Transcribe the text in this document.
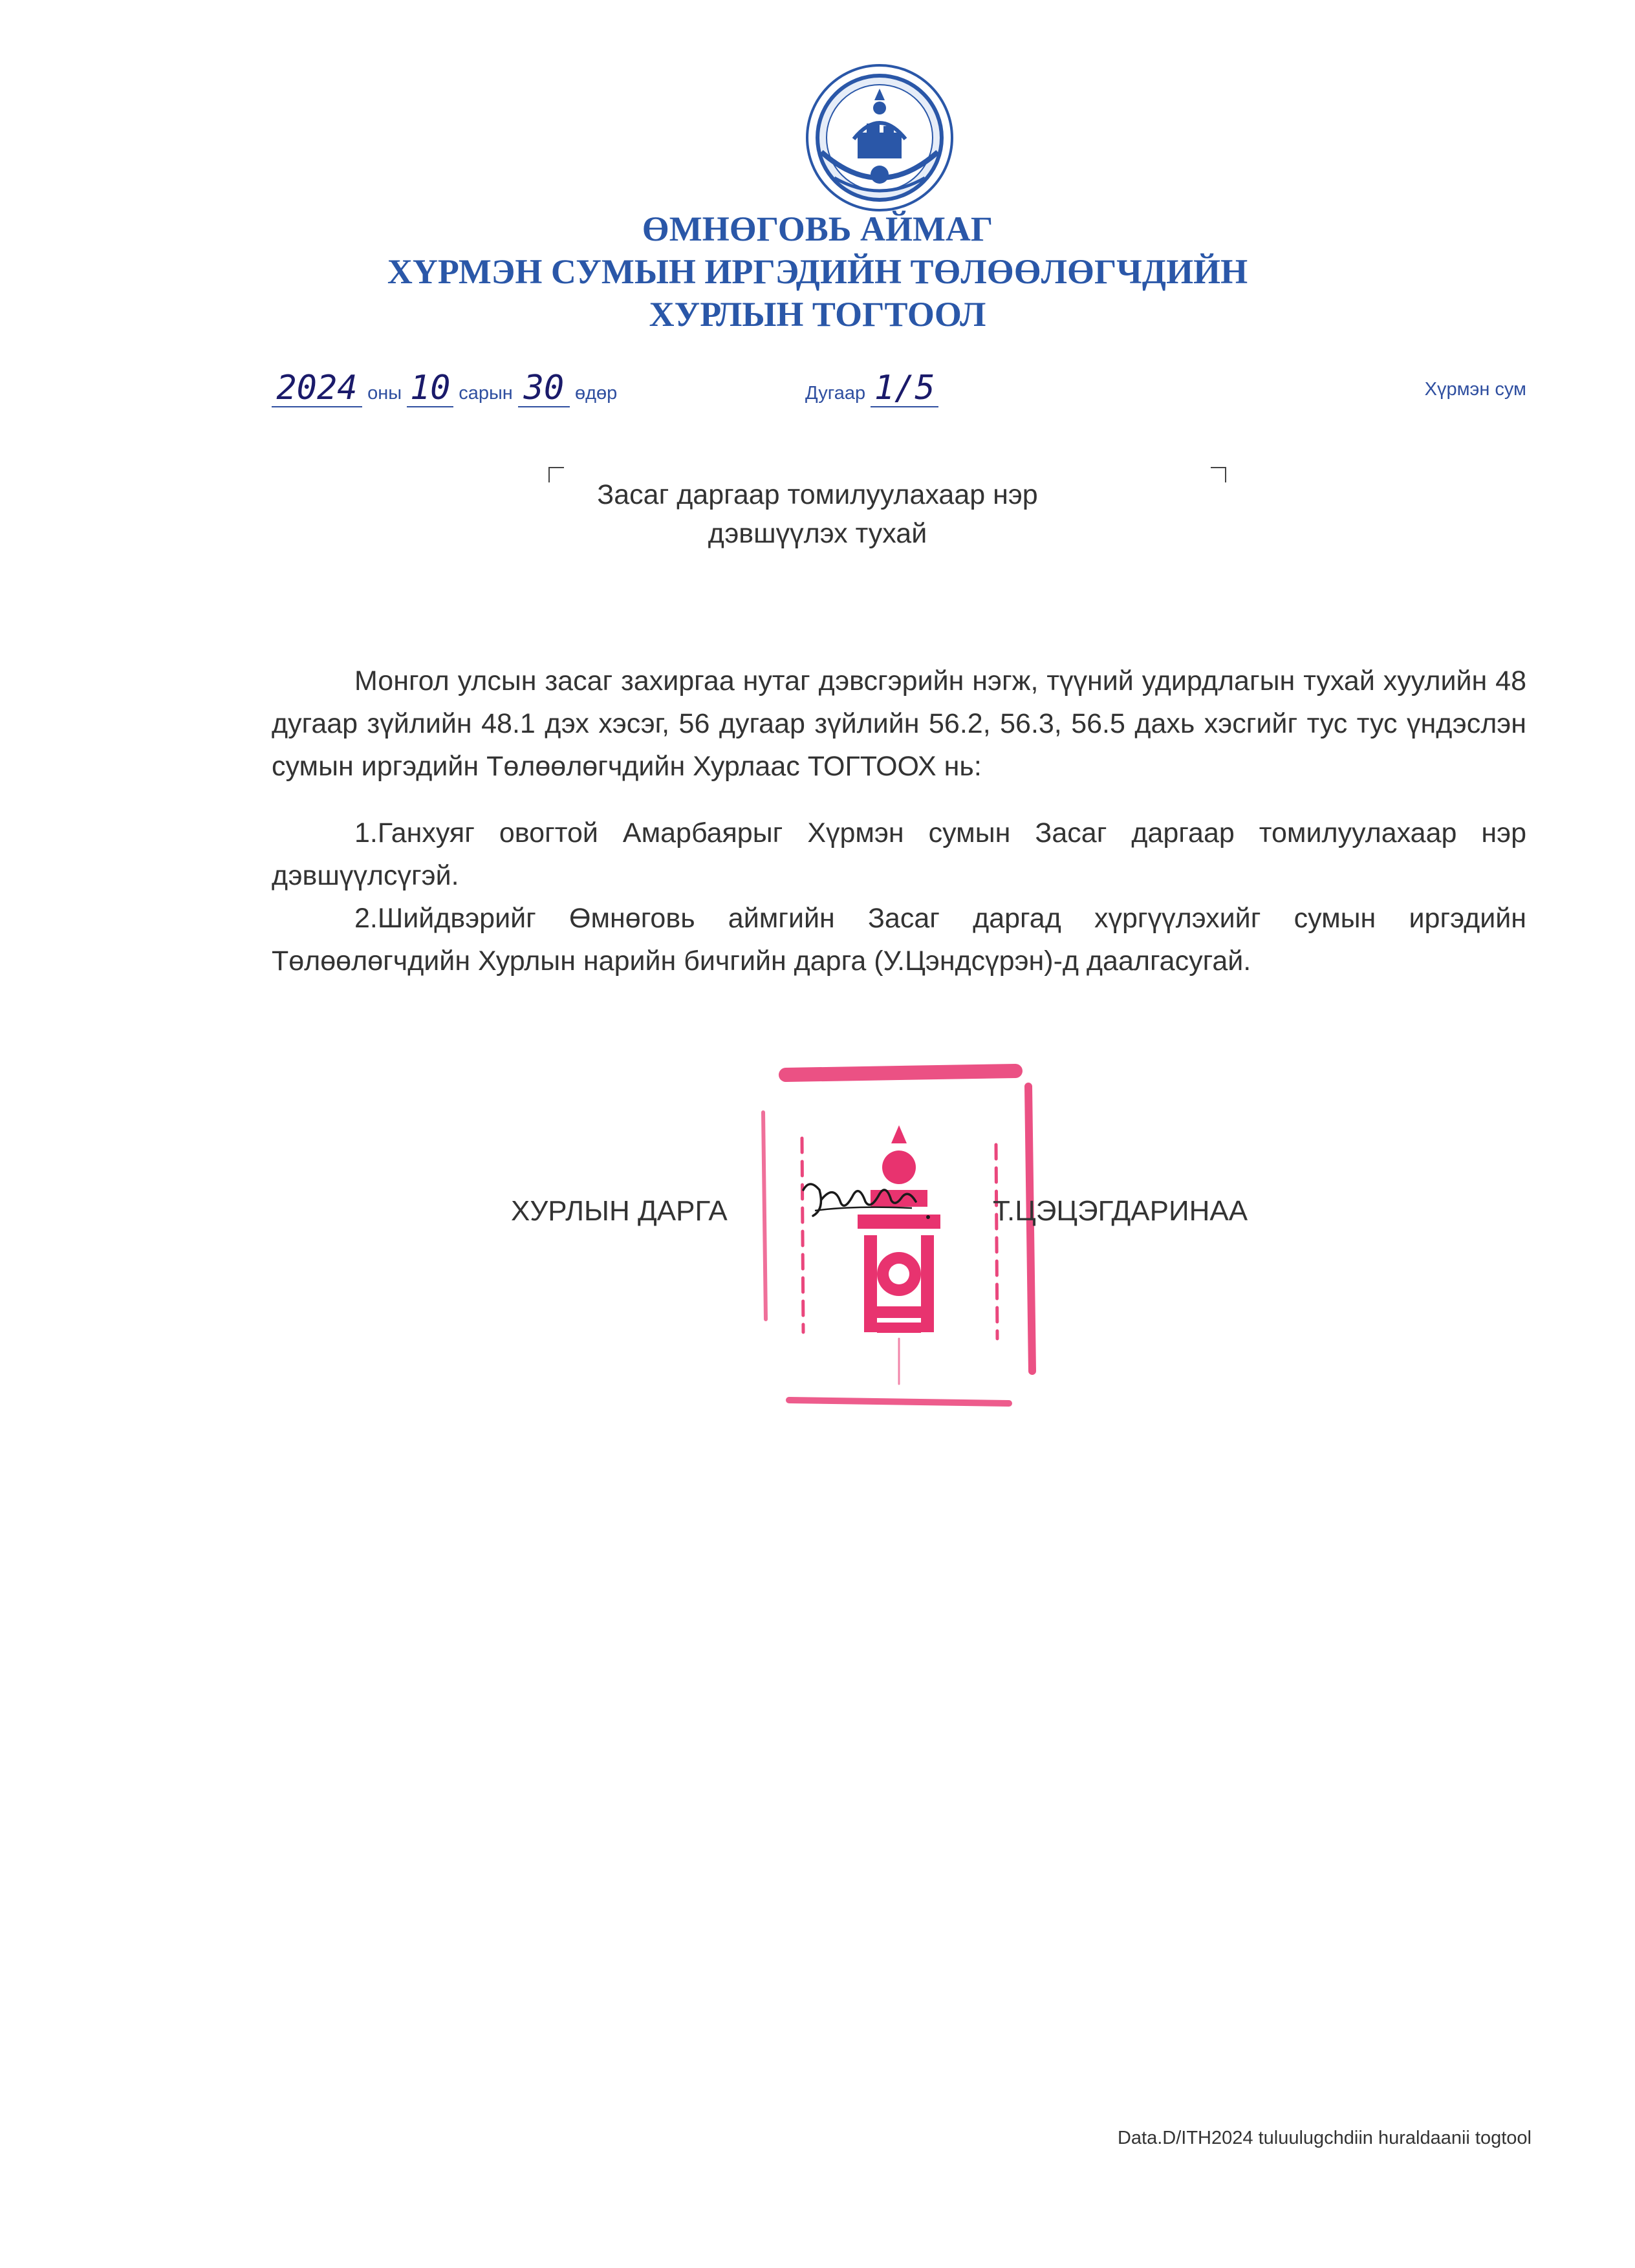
ӨМНӨГОВЬ АЙМАГ
ХҮРМЭН СУМЫН ИРГЭДИЙН ТӨЛӨӨЛӨГЧДИЙН
ХУРЛЫН ТОГТООЛ
2024 оны 10 сарын 30 өдөр	Дугаар 1/5	Хүрмэн сум
Засаг даргаар томилуулахаар нэр
дэвшүүлэх тухай
Монгол улсын засаг захиргаа нутаг дэвсгэрийн нэгж, түүний удирдлагын тухай хуулийн 48 дугаар зүйлийн 48.1 дэх хэсэг, 56 дугаар зүйлийн 56.2, 56.3, 56.5 дахь хэсгийг тус тус үндэслэн сумын иргэдийн Төлөөлөгчдийн Хурлаас ТОГТООХ нь:
1.Ганхуяг овогтой Амарбаярыг Хүрмэн сумын Засаг даргаар томилуулахаар нэр дэвшүүлсүгэй.
2.Шийдвэрийг Өмнөговь аймгийн Засаг даргад хүргүүлэхийг сумын иргэдийн Төлөөлөгчдийн Хурлын нарийн бичгийн дарга (У.Цэндсүрэн)-д даалгасугай.
ХУРЛЫН ДАРГА	Т.ЦЭЦЭГДАРИНАА
Data.D/ITH2024 tuluulugchdiin huraldaanii togtool
